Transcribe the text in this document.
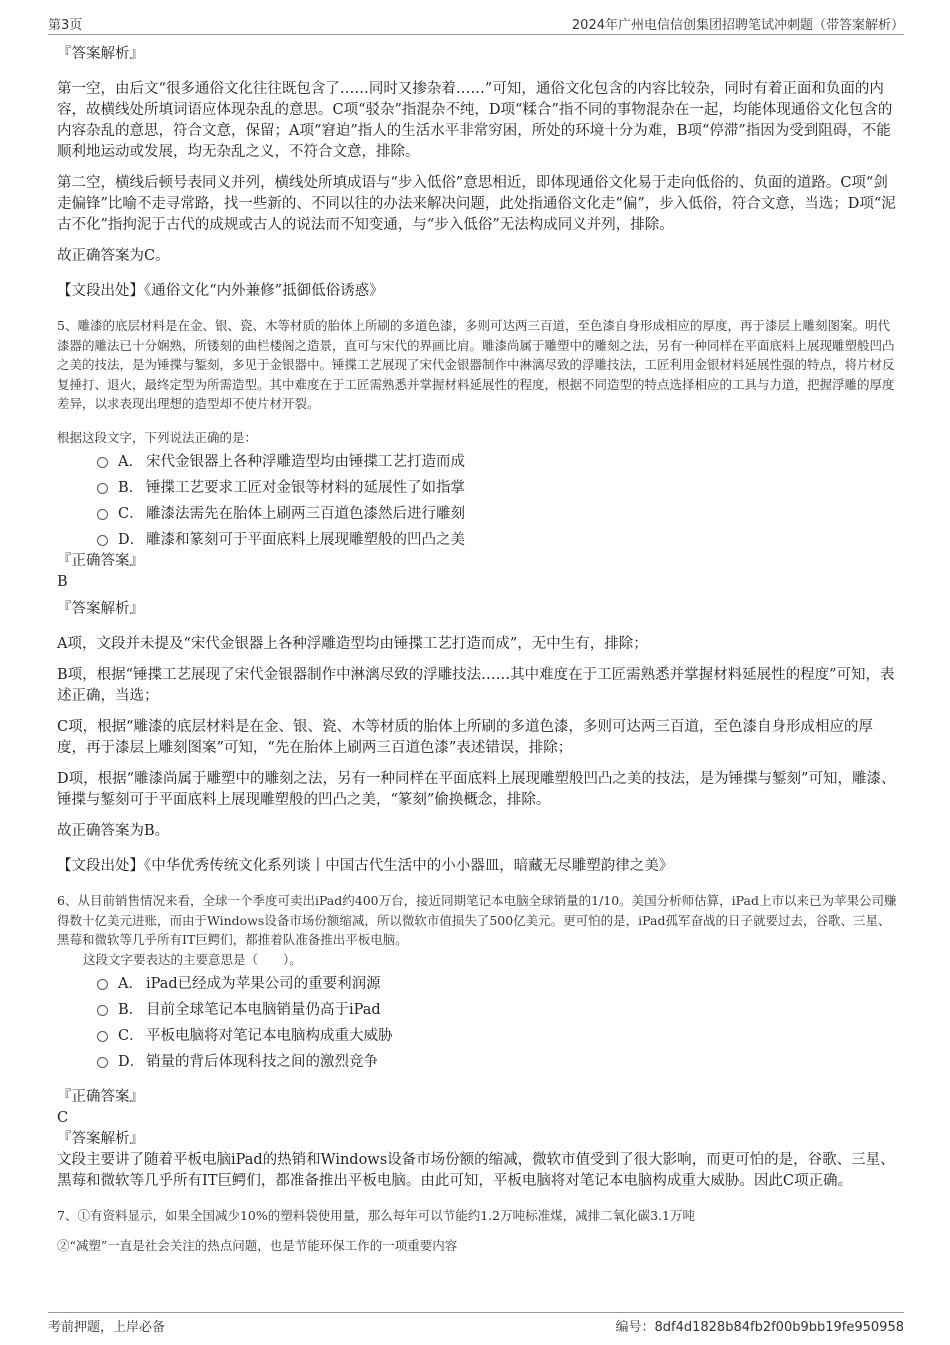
第3页	2024年广州电信信创集团招聘笔试冲刺题（带答案解析）

『答案解析』

第一空，由后文“很多通俗文化往往既包含了……同时又掺杂着……”可知，通俗文化包含的内容比较杂，同时有着正面和负面的内容，故横线处所填词语应体现杂乱的意思。C项“驳杂”指混杂不纯，D项“糅合”指不同的事物混杂在一起，均能体现通俗文化包含的内容杂乱的意思，符合文意，保留；A项“窘迫”指人的生活水平非常穷困，所处的环境十分为难，B项“停滞”指因为受到阻碍，不能顺利地运动或发展，均无杂乱之义，不符合文意，排除。

第二空，横线后顿号表同义并列，横线处所填成语与“步入低俗”意思相近，即体现通俗文化易于走向低俗的、负面的道路。C项“剑走偏锋”比喻不走寻常路，找一些新的、不同以往的办法来解决问题，此处指通俗文化走“偏”，步入低俗，符合文意，当选；D项“泥古不化”指拘泥于古代的成规或古人的说法而不知变通，与“步入低俗”无法构成同义并列，排除。

故正确答案为C。

【文段出处】《通俗文化“内外兼修”抵御低俗诱惑》

5、雕漆的底层材料是在金、银、瓷、木等材质的胎体上所刷的多道色漆，多则可达两三百道，至色漆自身形成相应的厚度，再于漆层上雕刻图案。明代漆器的雕法已十分娴熟，所镂刻的曲栏楼阁之造景，直可与宋代的界画比肩。雕漆尚属于雕塑中的雕刻之法，另有一种同样在平面底料上展现雕塑般凹凸之美的技法，是为锤揲与錾刻，多见于金银器中。锤揲工艺展现了宋代金银器制作中淋漓尽致的浮雕技法，工匠利用金银材料延展性强的特点，将片材反复捶打、退火，最终定型为所需造型。其中难度在于工匠需熟悉并掌握材料延展性的程度，根据不同造型的特点选择相应的工具与力道，把握浮雕的厚度差异，以求表现出理想的造型却不使片材开裂。

根据这段文字，下列说法正确的是：

A． 宋代金银器上各种浮雕造型均由锤揲工艺打造而成
B． 锤揲工艺要求工匠对金银等材料的延展性了如指掌
C． 雕漆法需先在胎体上刷两三百道色漆然后进行雕刻
D． 雕漆和篆刻可于平面底料上展现雕塑般的凹凸之美

『正确答案』

B

『答案解析』

A项，文段并未提及“宋代金银器上各种浮雕造型均由锤揲工艺打造而成”，无中生有，排除；

B项，根据“锤揲工艺展现了宋代金银器制作中淋漓尽致的浮雕技法……其中难度在于工匠需熟悉并掌握材料延展性的程度”可知，表述正确，当选；

C项，根据“雕漆的底层材料是在金、银、瓷、木等材质的胎体上所刷的多道色漆，多则可达两三百道，至色漆自身形成相应的厚度，再于漆层上雕刻图案”可知，“先在胎体上刷两三百道色漆”表述错误，排除；

D项，根据“雕漆尚属于雕塑中的雕刻之法，另有一种同样在平面底料上展现雕塑般凹凸之美的技法，是为锤揲与錾刻”可知，雕漆、锤揲与錾刻可于平面底料上展现雕塑般的凹凸之美，“篆刻”偷换概念，排除。

故正确答案为B。

【文段出处】《中华优秀传统文化系列谈丨中国古代生活中的小小器皿，暗藏无尽雕塑韵律之美》

6、从目前销售情况来看，全球一个季度可卖出iPad约400万台，接近同期笔记本电脑全球销量的1/10。美国分析师估算，iPad上市以来已为苹果公司赚得数十亿美元进账，而由于Windows设备市场份额缩减，所以微软市值损失了500亿美元。更可怕的是，iPad孤军奋战的日子就要过去，谷歌、三星、黑莓和微软等几乎所有IT巨鳄们，都推着队准备推出平板电脑。

这段文字要表达的主要意思是（　　）。

A． iPad已经成为苹果公司的重要利润源
B． 目前全球笔记本电脑销量仍高于iPad
C． 平板电脑将对笔记本电脑构成重大威胁
D． 销量的背后体现科技之间的激烈竞争

『正确答案』

C

『答案解析』

文段主要讲了随着平板电脑iPad的热销和Windows设备市场份额的缩减，微软市值受到了很大影响，而更可怕的是，谷歌、三星、黑莓和微软等几乎所有IT巨鳄们，都准备推出平板电脑。由此可知，平板电脑将对笔记本电脑构成重大威胁。因此C项正确。

7、①有资料显示，如果全国减少10%的塑料袋使用量，那么每年可以节能约1.2万吨标准煤，减排二氧化碳3.1万吨

②“减塑”一直是社会关注的热点问题，也是节能环保工作的一项重要内容

考前押题，上岸必备	编号：8df4d1828b84fb2f00b9bb19fe950958
